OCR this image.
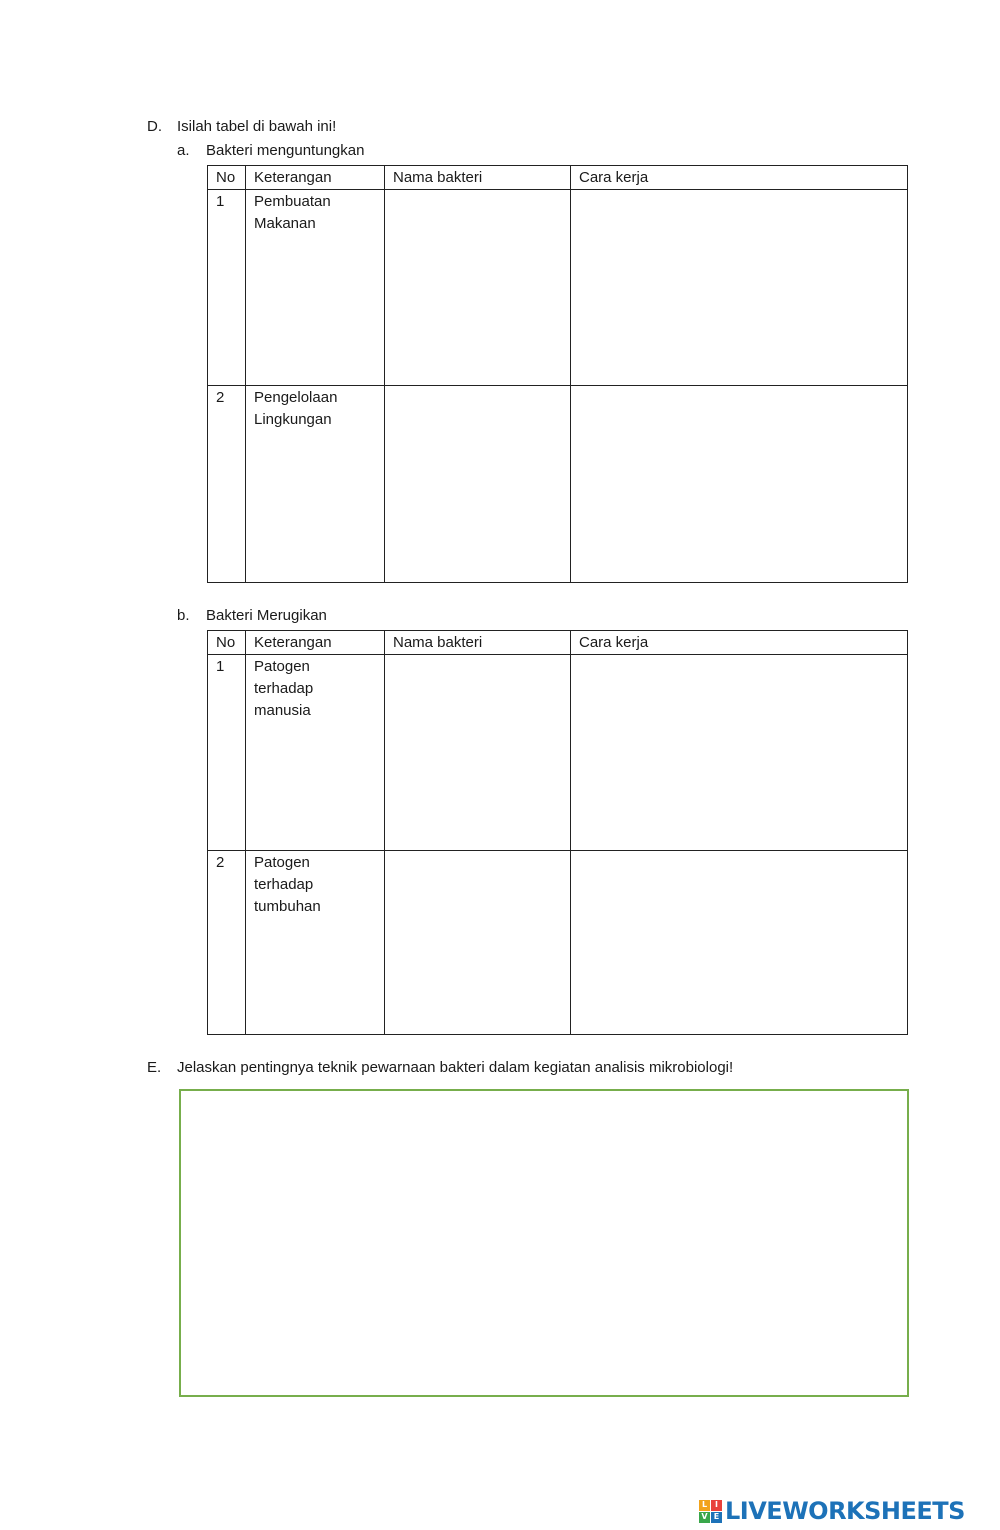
D. Isilah tabel di bawah ini!
a. Bakteri menguntungkan
No	Keterangan	Nama bakteri	Cara kerja
1	Pembuatan
Makanan		

2	Pengelolaan
Lingkungan		

b. Bakteri Merugikan
No	Keterangan	Nama bakteri	Cara kerja
1	Patogen
terhadap
manusia		

2	Patogen
terhadap
tumbuhan		

E. Jelaskan pentingnya teknik pewarnaan bakteri dalam kegiatan analisis mikrobiologi!
L I
V E LIVEWORKSHEETS
